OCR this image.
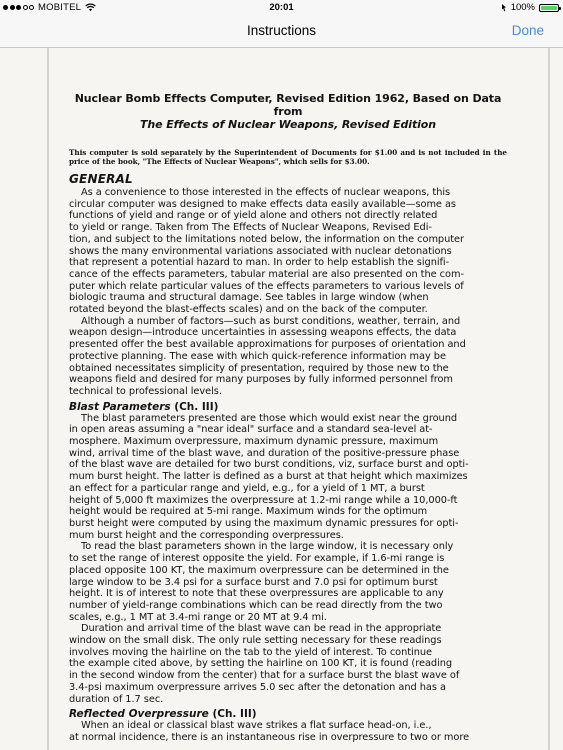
MOBITEL	20:01	100%
Instructions	Done
Nuclear Bomb Effects Computer, Revised Edition 1962, Based on Data from
The Effects of Nuclear Weapons, Revised Edition

This computer is sold separately by the Superintendent of Documents for $1.00 and is not included in the price of the book, "The Effects of Nuclear Weapons", which sells for $3.00.

GENERAL

As a convenience to those interested in the effects of nuclear weapons, this
circular computer was designed to make effects data easily available—some as
functions of yield and range or of yield alone and others not directly related
to yield or range. Taken from The Effects of Nuclear Weapons, Revised Edi-
tion, and subject to the limitations noted below, the information on the computer
shows the many environmental variations associated with nuclear detonations
that represent a potential hazard to man. In order to help establish the signifi-
cance of the effects parameters, tabular material are also presented on the com-
puter which relate particular values of the effects parameters to various levels of
biologic trauma and structural damage. See tables in large window (when
rotated beyond the blast-effects scales) and on the back of the computer.

Although a number of factors—such as burst conditions, weather, terrain, and
weapon design—introduce uncertainties in assessing weapons effects, the data
presented offer the best available approximations for purposes of orientation and
protective planning. The ease with which quick-reference information may be
obtained necessitates simplicity of presentation, required by those new to the
weapons field and desired for many purposes by fully informed personnel from
technical to professional levels.

Blast Parameters (Ch. III)

The blast parameters presented are those which would exist near the ground
in open areas assuming a "near ideal" surface and a standard sea-level at-
mosphere. Maximum overpressure, maximum dynamic pressure, maximum
wind, arrival time of the blast wave, and duration of the positive-pressure phase
of the blast wave are detailed for two burst conditions, viz, surface burst and opti-
mum burst height. The latter is defined as a burst at that height which maximizes
an effect for a particular range and yield, e.g., for a yield of 1 MT, a burst
height of 5,000 ft maximizes the overpressure at 1.2-mi range while a 10,000-ft
height would be required at 5-mi range. Maximum winds for the optimum
burst height were computed by using the maximum dynamic pressures for opti-
mum burst height and the corresponding overpressures.

To read the blast parameters shown in the large window, it is necessary only
to set the range of interest opposite the yield. For example, if 1.6-mi range is
placed opposite 100 KT, the maximum overpressure can be determined in the
large window to be 3.4 psi for a surface burst and 7.0 psi for optimum burst
height. It is of interest to note that these overpressures are applicable to any
number of yield-range combinations which can be read directly from the two
scales, e.g., 1 MT at 3.4-mi range or 20 MT at 9.4 mi.

Duration and arrival time of the blast wave can be read in the appropriate
window on the small disk. The only rule setting necessary for these readings
involves moving the hairline on the tab to the yield of interest. To continue
the example cited above, by setting the hairline on 100 KT, it is found (reading
in the second window from the center) that for a surface burst the blast wave of
3.4-psi maximum overpressure arrives 5.0 sec after the detonation and has a
duration of 1.7 sec.

Reflected Overpressure (Ch. III)

When an ideal or classical blast wave strikes a flat surface head-on, i.e.,
at normal incidence, there is an instantaneous rise in overpressure to two or more
